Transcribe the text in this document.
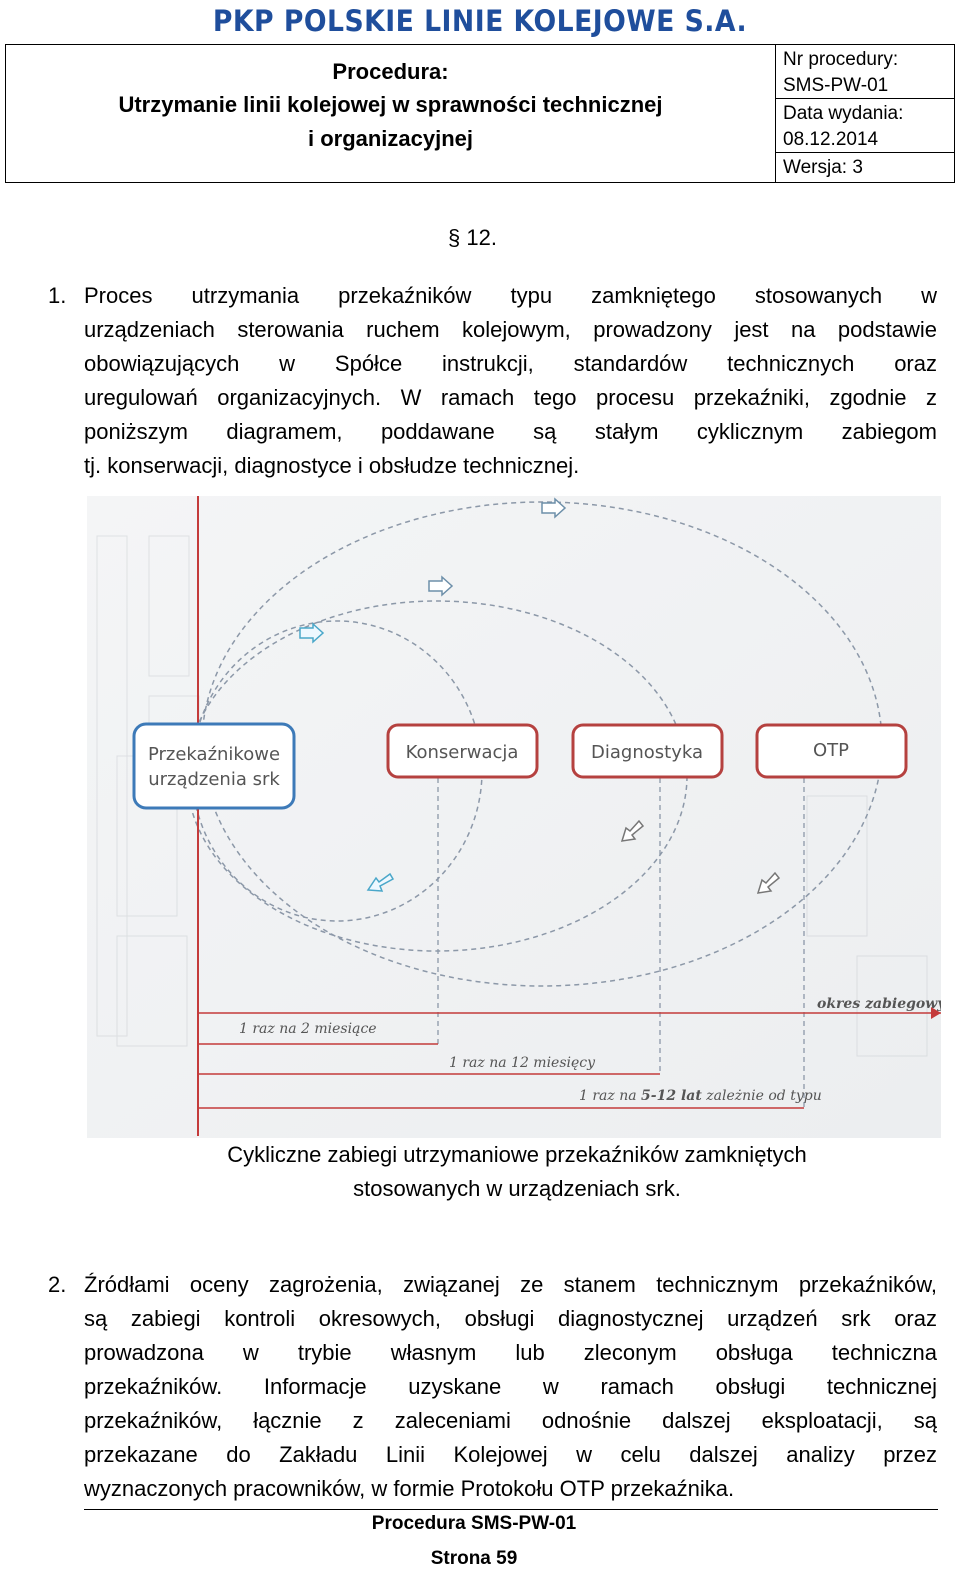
PKP POLSKIE LINIE KOLEJOWE S.A.
Procedura:
Utrzymanie linii kolejowej w sprawności technicznej
i organizacyjnej
Nr procedury:
SMS-PW-01
Data wydania:
08.12.2014
Wersja: 3
§ 12.
1. Proces utrzymania przekaźników typu zamkniętego stosowanych w
urządzeniach sterowania ruchem kolejowym, prowadzony jest na podstawie
obowiązujących w Spółce instrukcji, standardów technicznych oraz
uregulowań organizacyjnych. W ramach tego procesu przekaźniki, zgodnie z
poniższym diagramem, poddawane są stałym cyklicznym zabiegom
tj. konserwacji, diagnostyce i obsłudze technicznej.
Przekaźnikowe
urządzenia srk
Konserwacja	Diagnostyka	OTP
okres zabiegowy
1 raz na 2 miesiące
1 raz na 12 miesięcy
1 raz na 5-12 lat zależnie od typu
Cykliczne zabiegi utrzymaniowe przekaźników zamkniętych
stosowanych w urządzeniach srk.
2. Źródłami oceny zagrożenia, związanej ze stanem technicznym przekaźników,
są zabiegi kontroli okresowych, obsługi diagnostycznej urządzeń srk oraz
prowadzona w trybie własnym lub zleconym obsługa techniczna
przekaźników. Informacje uzyskane w ramach obsługi technicznej
przekaźników, łącznie z zaleceniami odnośnie dalszej eksploatacji, są
przekazane do Zakładu Linii Kolejowej w celu dalszej analizy przez
wyznaczonych pracowników, w formie Protokołu OTP przekaźnika.
Procedura SMS-PW-01
Strona 59
